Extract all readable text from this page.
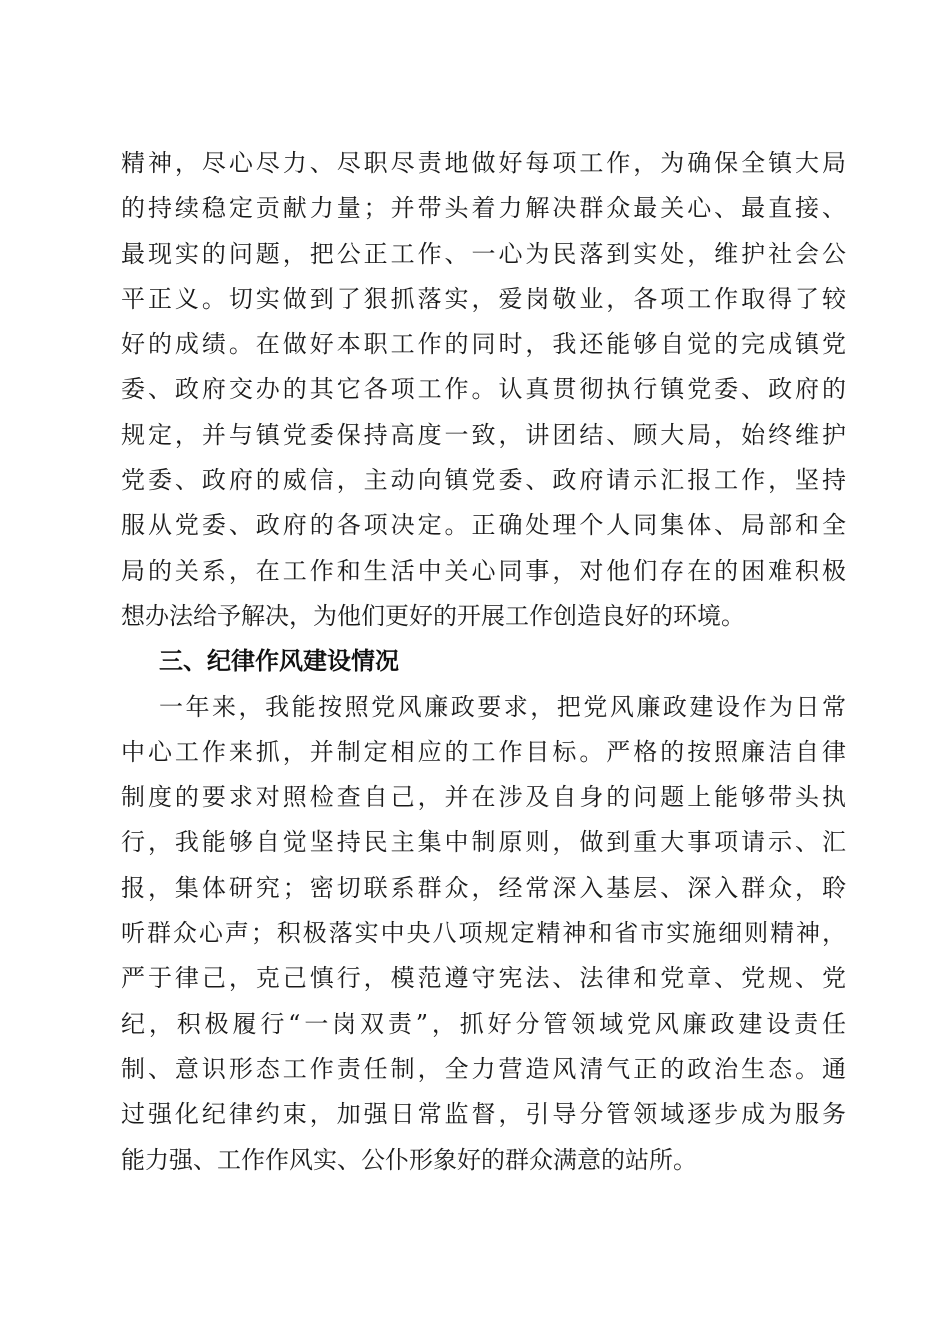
精神，尽心尽力、尽职尽责地做好每项工作，为确保全镇大局
的持续稳定贡献力量；并带头着力解决群众最关心、最直接、
最现实的问题，把公正工作、一心为民落到实处，维护社会公
平正义。切实做到了狠抓落实，爱岗敬业，各项工作取得了较
好的成绩。在做好本职工作的同时，我还能够自觉的完成镇党
委、政府交办的其它各项工作。认真贯彻执行镇党委、政府的
规定，并与镇党委保持高度一致，讲团结、顾大局，始终维护
党委、政府的威信，主动向镇党委、政府请示汇报工作，坚持
服从党委、政府的各项决定。正确处理个人同集体、局部和全
局的关系，在工作和生活中关心同事，对他们存在的困难积极
想办法给予解决，为他们更好的开展工作创造良好的环境。
三、纪律作风建设情况
一年来，我能按照党风廉政要求，把党风廉政建设作为日常
中心工作来抓，并制定相应的工作目标。严格的按照廉洁自律
制度的要求对照检查自己，并在涉及自身的问题上能够带头执
行，我能够自觉坚持民主集中制原则，做到重大事项请示、汇
报，集体研究；密切联系群众，经常深入基层、深入群众，聆
听群众心声；积极落实中央八项规定精神和省市实施细则精神，
严于律己，克己慎行，模范遵守宪法、法律和党章、党规、党
纪，积极履行“一岗双责”，抓好分管领域党风廉政建设责任
制、意识形态工作责任制，全力营造风清气正的政治生态。通
过强化纪律约束，加强日常监督，引导分管领域逐步成为服务
能力强、工作作风实、公仆形象好的群众满意的站所。
